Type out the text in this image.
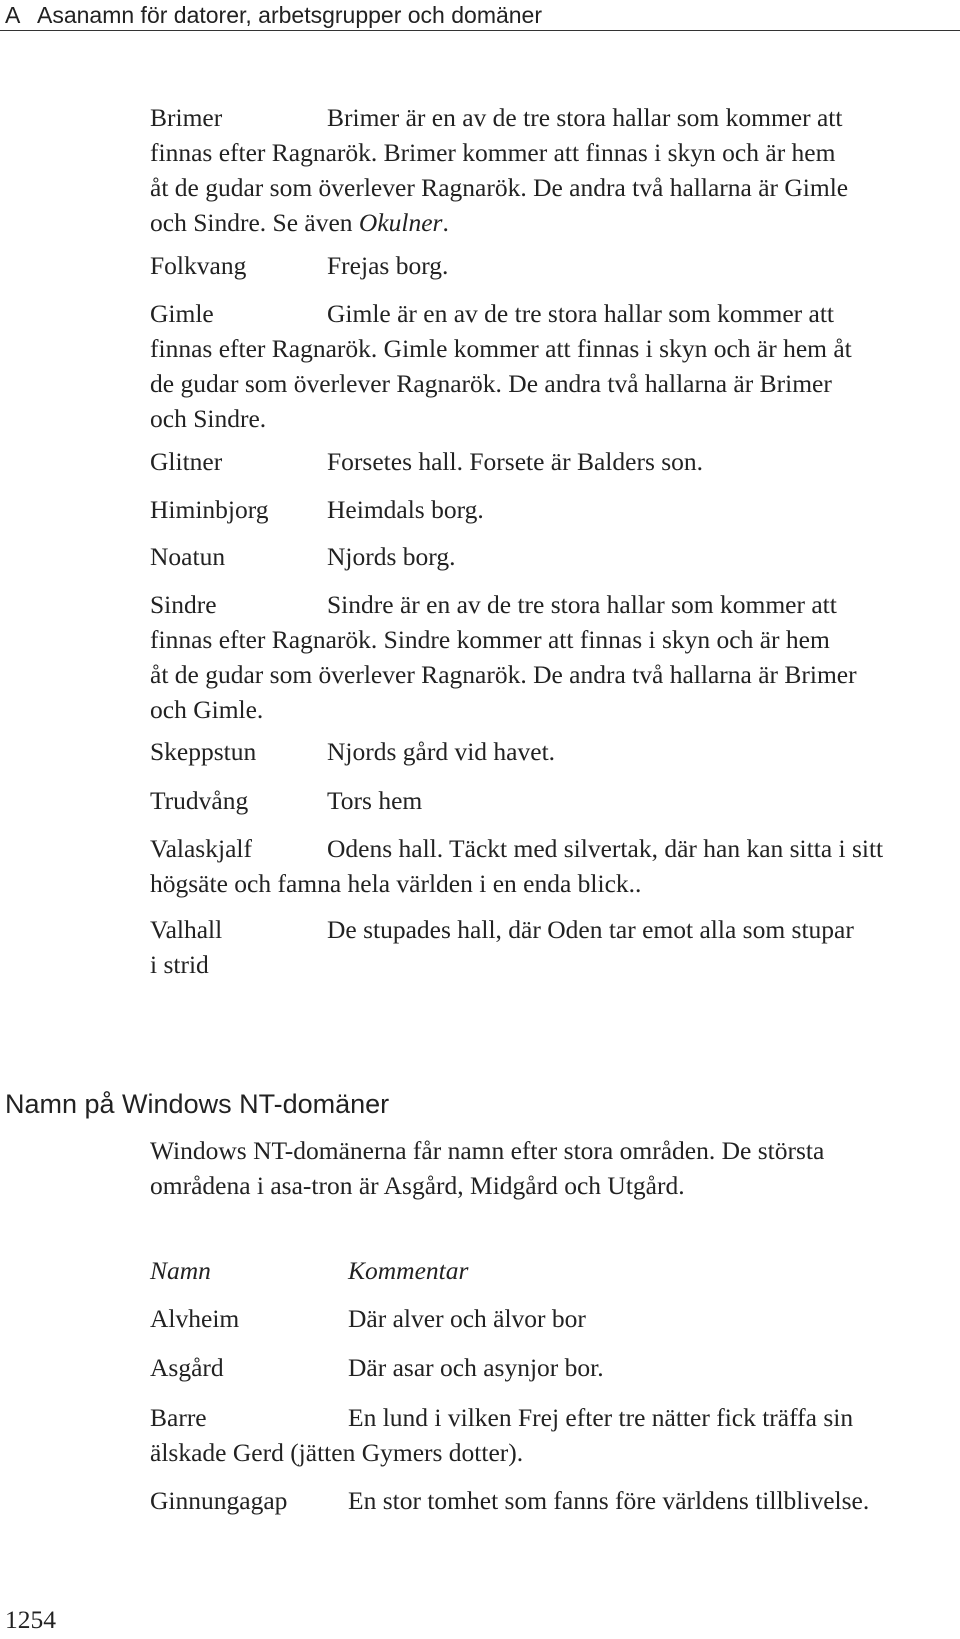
A Asanamn för datorer, arbetsgrupper och domäner
Brimer	Brimer är en av de tre stora hallar som kommer att
finnas efter Ragnarök. Brimer kommer att finnas i skyn och är hem
åt de gudar som överlever Ragnarök. De andra två hallarna är Gimle
och Sindre. Se även Okulner.
Folkvang	Frejas borg.
Gimle	Gimle är en av de tre stora hallar som kommer att
finnas efter Ragnarök. Gimle kommer att finnas i skyn och är hem åt
de gudar som överlever Ragnarök. De andra två hallarna är Brimer
och Sindre.
Glitner	Forsetes hall. Forsete är Balders son.
Himinbjorg	Heimdals borg.
Noatun	Njords borg.
Sindre	Sindre är en av de tre stora hallar som kommer att
finnas efter Ragnarök. Sindre kommer att finnas i skyn och är hem
åt de gudar som överlever Ragnarök. De andra två hallarna är Brimer
och Gimle.
Skeppstun	Njords gård vid havet.
Trudvång	Tors hem
Valaskjalf	Odens hall. Täckt med silvertak, där han kan sitta i sitt
högsäte och famna hela världen i en enda blick..
Valhall	De stupades hall, där Oden tar emot alla som stupar
i strid
Namn på Windows NT-domäner
Windows NT-domänerna får namn efter stora områden. De största
områdena i asa-tron är Asgård, Midgård och Utgård.
Namn	Kommentar
Alvheim	Där alver och älvor bor
Asgård	Där asar och asynjor bor.
Barre	En lund i vilken Frej efter tre nätter fick träffa sin
älskade Gerd (jätten Gymers dotter).
Ginnungagap	En stor tomhet som fanns före världens tillblivelse.
1254
